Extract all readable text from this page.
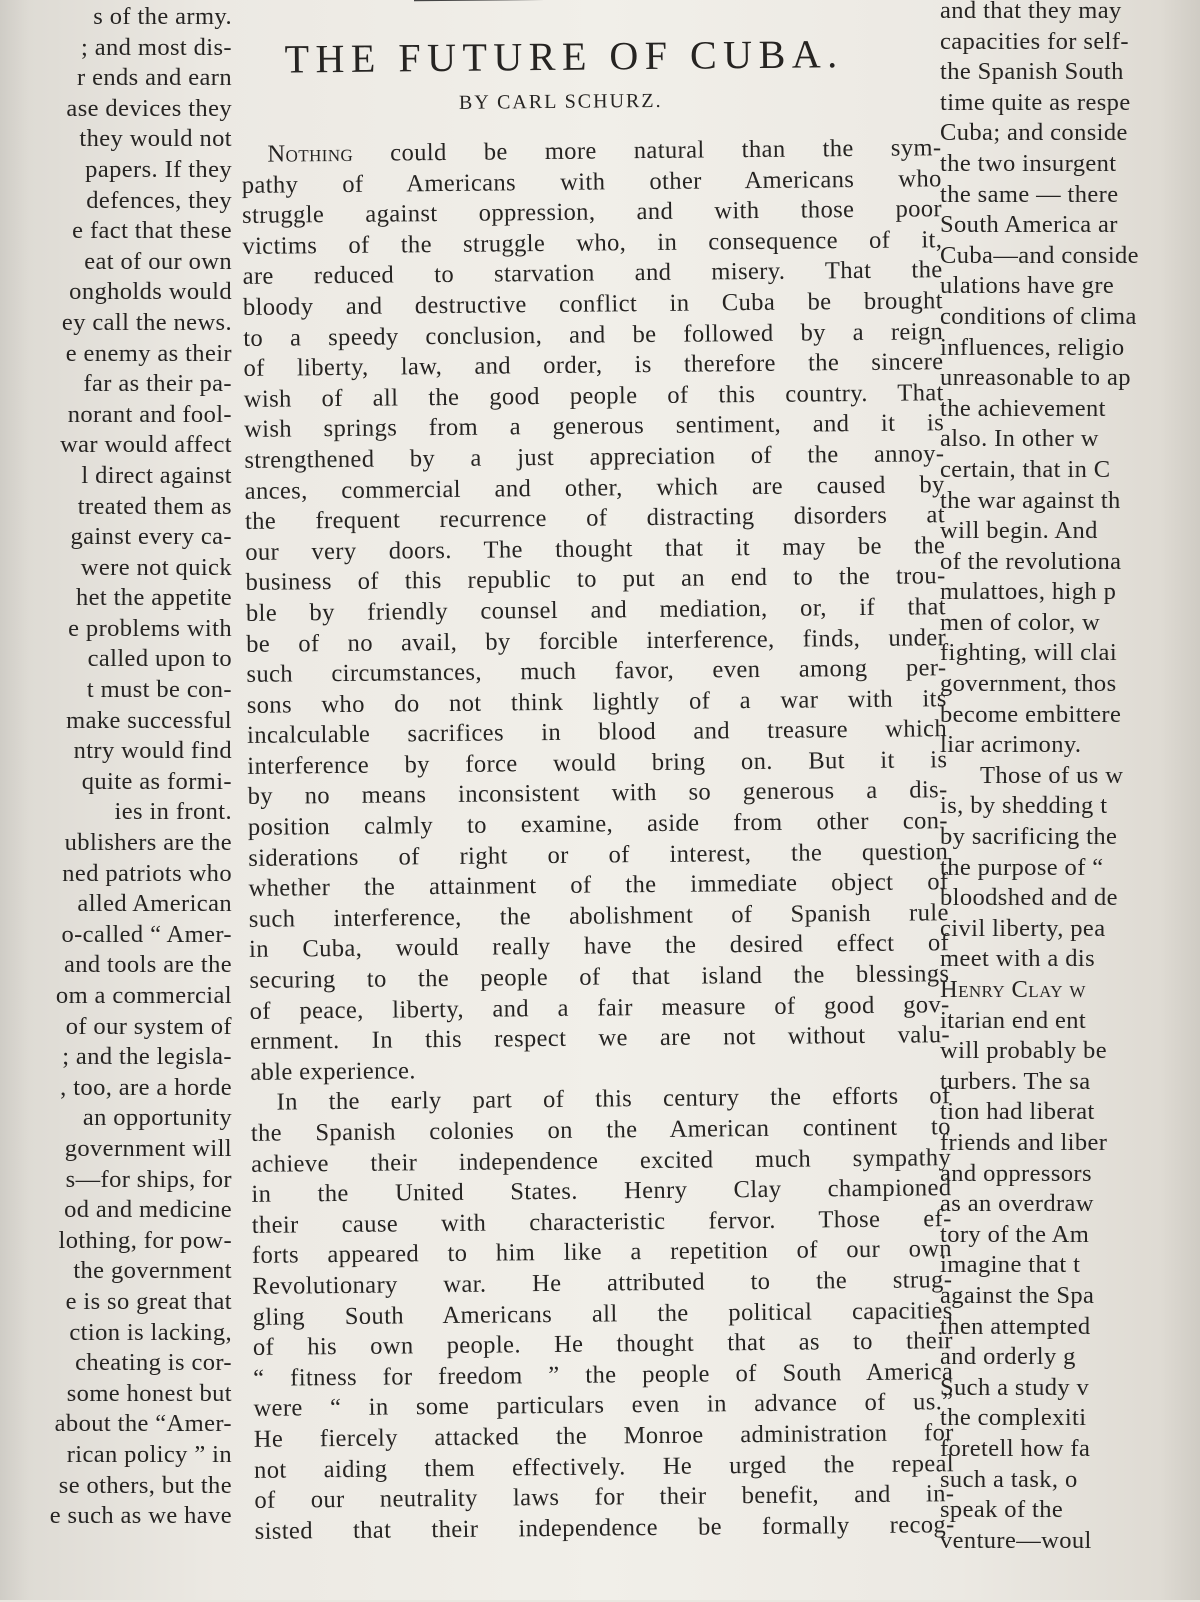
s of the army.
; and most dis-
r ends and earn
ase devices they
they would not
papers. If they
defences, they
e fact that these
eat of our own
ongholds would
ey call the news.
e enemy as their
far as their pa-
norant and fool-
war would affect
l direct against
treated them as
gainst every ca-
were not quick
het the appetite
e problems with
called upon to
t must be con-
make successful
ntry would find
quite as formi-
ies in front.
ublishers are the
ned patriots who
alled American
o-called “ Amer-
and tools are the
om a commercial
of our system of
; and the legisla-
, too, are a horde
an opportunity
government will
s—for ships, for
od and medicine
lothing, for pow-
the government
e is so great that
ction is lacking,
cheating is cor-
some honest but
about the “Amer-
rican policy ” in
se others, but the
e such as we have
THE FUTURE OF CUBA.
BY CARL SCHURZ.
Nothing could be more natural than the sym-
pathy of Americans with other Americans who
struggle against oppression, and with those poor
victims of the struggle who, in consequence of it,
are reduced to starvation and misery. That the
bloody and destructive conflict in Cuba be brought
to a speedy conclusion, and be followed by a reign
of liberty, law, and order, is therefore the sincere
wish of all the good people of this country. That
wish springs from a generous sentiment, and it is
strengthened by a just appreciation of the annoy-
ances, commercial and other, which are caused by
the frequent recurrence of distracting disorders at
our very doors. The thought that it may be the
business of this republic to put an end to the trou-
ble by friendly counsel and mediation, or, if that
be of no avail, by forcible interference, finds, under
such circumstances, much favor, even among per-
sons who do not think lightly of a war with its
incalculable sacrifices in blood and treasure which
interference by force would bring on. But it is
by no means inconsistent with so generous a dis-
position calmly to examine, aside from other con-
siderations of right or of interest, the question
whether the attainment of the immediate object of
such interference, the abolishment of Spanish rule
in Cuba, would really have the desired effect of
securing to the people of that island the blessings
of peace, liberty, and a fair measure of good gov-
ernment. In this respect we are not without valu-
able experience.
In the early part of this century the efforts of
the Spanish colonies on the American continent to
achieve their independence excited much sympathy
in the United States. Henry Clay championed
their cause with characteristic fervor. Those ef-
forts appeared to him like a repetition of our own
Revolutionary war. He attributed to the strug-
gling South Americans all the political capacities
of his own people. He thought that as to their
“ fitness for freedom ” the people of South America
were “ in some particulars even in advance of us.”
He fiercely attacked the Monroe administration for
not aiding them effectively. He urged the repeal
of our neutrality laws for their benefit, and in-
sisted that their independence be formally recog-
and that they may
capacities for self-
the Spanish South
time quite as respe
Cuba; and conside
the two insurgent
the same — there
South America ar
Cuba—and conside
ulations have gre
conditions of clima
influences, religio
unreasonable to ap
the achievement
also. In other w
certain, that in C
the war against th
will begin. And
of the revolutiona
mulattoes, high p
men of color, w
fighting, will clai
government, thos
become embittere
liar acrimony.
Those of us w
is, by shedding t
by sacrificing the
the purpose of “
bloodshed and de
civil liberty, pea
meet with a dis
Henry Clay w
itarian end ent
will probably be
turbers. The sa
tion had liberat
friends and liber
and oppressors
as an overdraw
tory of the Am
imagine that t
against the Spa
then attempted
and orderly g
Such a study v
the complexiti
foretell how fa
such a task, o
speak of the
venture—woul
